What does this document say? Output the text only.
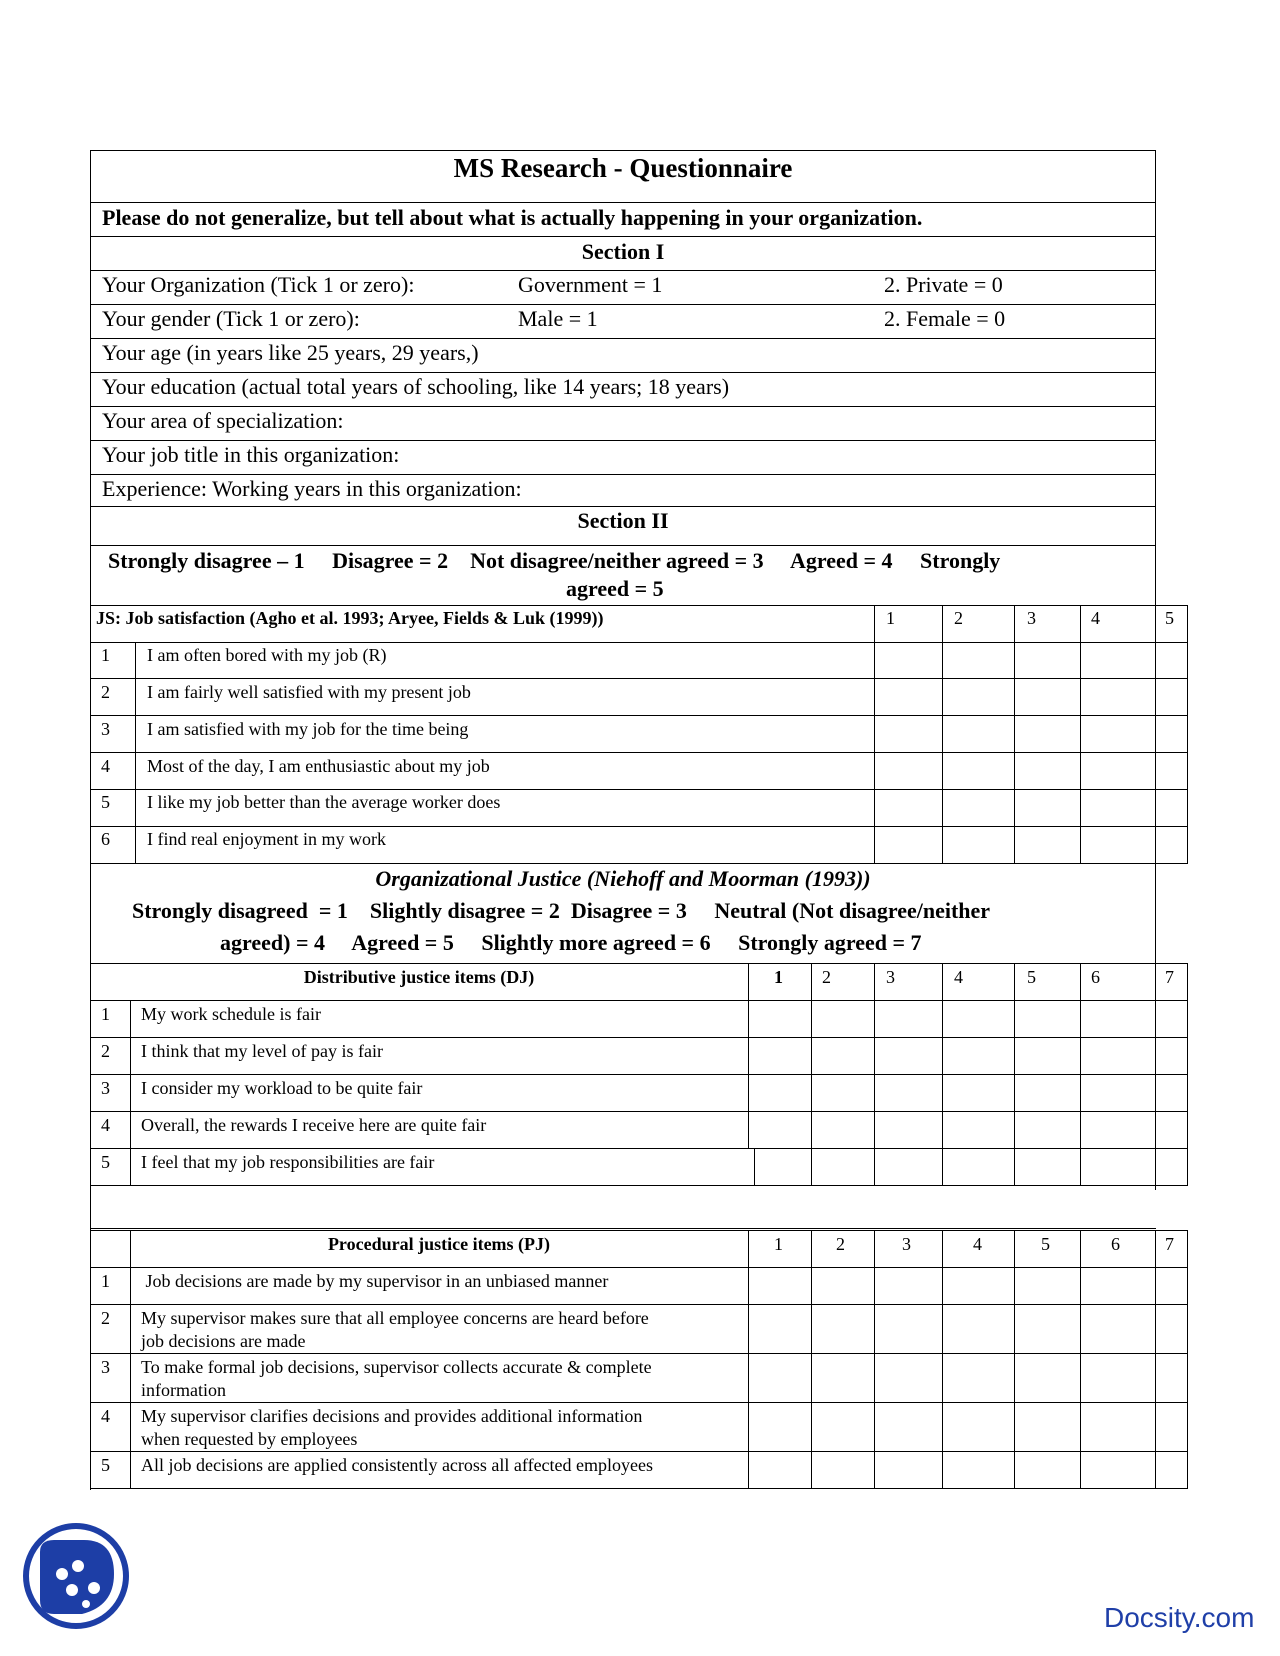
MS Research - Questionnaire
Please do not generalize, but tell about what is actually happening in your organization.
Section I
Your Organization (Tick 1 or zero):	Government = 1	2. Private = 0
Your gender (Tick 1 or zero):	Male = 1	2. Female = 0
Your age (in years like 25 years, 29 years,)
Your education (actual total years of schooling, like 14 years; 18 years)
Your area of specialization:
Your job title in this organization:
Experience: Working years in this organization:
Section II
Strongly disagree – 1     Disagree = 2    Not disagree/neither agreed = 3     Agreed = 4     Strongly
agreed = 5
JS: Job satisfaction (Agho et al. 1993; Aryee, Fields & Luk (1999))	1	2	3	4	5
1 I am often bored with my job (R)
2 I am fairly well satisfied with my present job
3 I am satisfied with my job for the time being
4 Most of the day, I am enthusiastic about my job
5 I like my job better than the average worker does
6 I find real enjoyment in my work
Organizational Justice (Niehoff and Moorman (1993))
Strongly disagreed  = 1    Slightly disagree = 2  Disagree = 3     Neutral (Not disagree/neither
agreed) = 4     Agreed = 5     Slightly more agreed = 6     Strongly agreed = 7
Distributive justice items (DJ)	1 2	3	4	5	6	7
1 My work schedule is fair
2 I think that my level of pay is fair
3 I consider my workload to be quite fair
4 Overall, the rewards I receive here are quite fair
5 I feel that my job responsibilities are fair
Procedural justice items (PJ)	1	2	3	4	5	6	7
1 Job decisions are made by my supervisor in an unbiased manner
2 My supervisor makes sure that all employee concerns are heard before
job decisions are made
3 To make formal job decisions, supervisor collects accurate & complete
information
4 My supervisor clarifies decisions and provides additional information
when requested by employees
5 All job decisions are applied consistently across all affected employees
Docsity.com
